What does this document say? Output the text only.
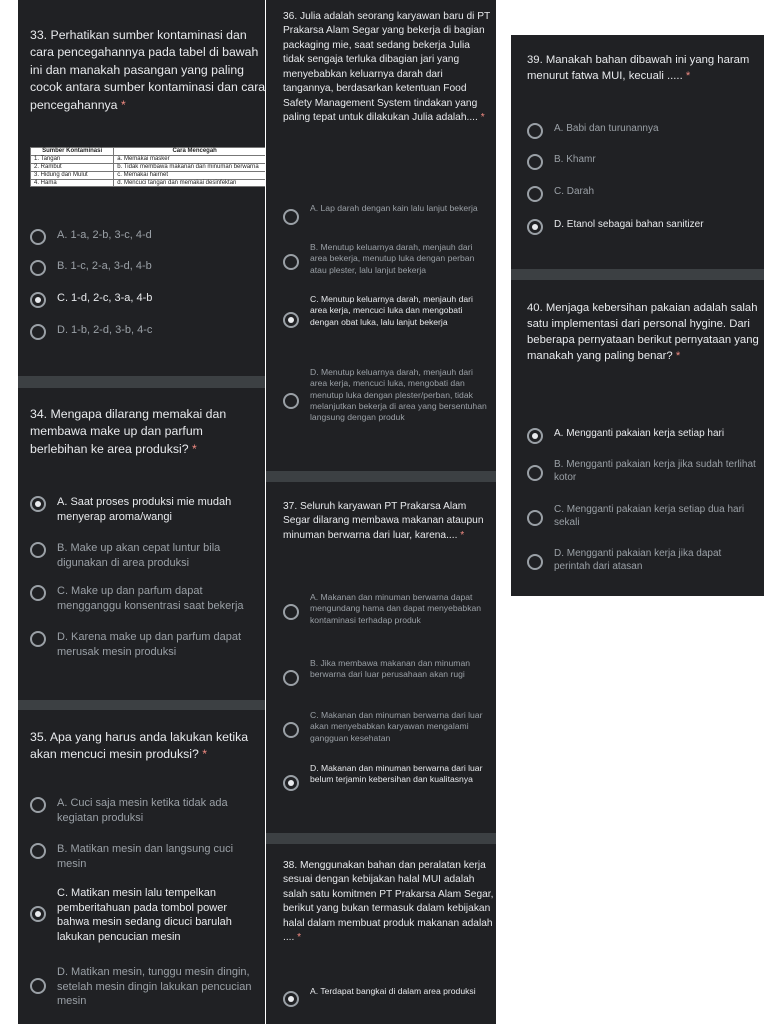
33. Perhatikan sumber kontaminasi dan cara pencegahannya pada tabel di bawah ini dan manakah pasangan yang paling cocok antara sumber kontaminasi dan cara pencegahannya *
Sumber Kontaminasi	Cara Mencegah
1. Tangan	a. Memakai masker
2. Rambut	b. Tidak membawa makanan dan minuman berwarna
3. Hidung dan Mulut	c. Memakai hairnet
4. Hama	d. Mencuci tangan dan memakai desinfektan
A. 1-a, 2-b, 3-c, 4-d
B. 1-c, 2-a, 3-d, 4-b
C. 1-d, 2-c, 3-a, 4-b
D. 1-b, 2-d, 3-b, 4-c
34. Mengapa dilarang memakai dan membawa make up dan parfum berlebihan ke area produksi? *
A. Saat proses produksi mie mudah menyerap aroma/wangi
B. Make up akan cepat luntur bila digunakan di area produksi
C. Make up dan parfum dapat mengganggu konsentrasi saat bekerja
D. Karena make up dan parfum dapat merusak mesin produksi
35. Apa yang harus anda lakukan ketika akan mencuci mesin produksi? *
A. Cuci saja mesin ketika tidak ada kegiatan produksi
B. Matikan mesin dan langsung cuci mesin
C. Matikan mesin lalu tempelkan pemberitahuan pada tombol power bahwa mesin sedang dicuci barulah lakukan pencucian mesin
D. Matikan mesin, tunggu mesin dingin, setelah mesin dingin lakukan pencucian mesin
36. Julia adalah seorang karyawan baru di PT Prakarsa Alam Segar yang bekerja di bagian packaging mie, saat sedang bekerja Julia tidak sengaja terluka dibagian jari yang menyebabkan keluarnya darah dari tangannya, berdasarkan ketentuan Food Safety Management System tindakan yang paling tepat untuk dilakukan Julia adalah.... *
A. Lap darah dengan kain lalu lanjut bekerja
B. Menutup keluarnya darah, menjauh dari area bekerja, menutup luka dengan perban atau plester, lalu lanjut bekerja
C. Menutup keluarnya darah, menjauh dari area kerja, mencuci luka dan mengobati dengan obat luka, lalu lanjut bekerja
D. Menutup keluarnya darah, menjauh dari area kerja, mencuci luka, mengobati dan menutup luka dengan plester/perban, tidak melanjutkan bekerja di area yang bersentuhan langsung dengan produk
37. Seluruh karyawan PT Prakarsa Alam Segar dilarang membawa makanan ataupun minuman berwarna dari luar, karena.... *
A. Makanan dan minuman berwarna dapat mengundang hama dan dapat menyebabkan kontaminasi terhadap produk
B. Jika membawa makanan dan minuman berwarna dari luar perusahaan akan rugi
C. Makanan dan minuman berwarna dari luar akan menyebabkan karyawan mengalami gangguan kesehatan
D. Makanan dan minuman berwarna dari luar belum terjamin kebersihan dan kualitasnya
38. Menggunakan bahan dan peralatan kerja sesuai dengan kebijakan halal MUI adalah salah satu komitmen PT Prakarsa Alam Segar, berikut yang bukan termasuk dalam kebijakan halal dalam membuat produk makanan adalah .... *
A. Terdapat bangkai di dalam area produksi
39. Manakah bahan dibawah ini yang haram menurut fatwa MUI, kecuali ..... *
A. Babi dan turunannya
B. Khamr
C. Darah
D. Etanol sebagai bahan sanitizer
40. Menjaga kebersihan pakaian adalah salah satu implementasi dari personal hygine. Dari beberapa pernyataan berikut pernyataan yang manakah yang paling benar? *
A. Mengganti pakaian kerja setiap hari
B. Mengganti pakaian kerja jika sudah terlihat kotor
C. Mengganti pakaian kerja setiap dua hari sekali
D. Mengganti pakaian kerja jika dapat perintah dari atasan
